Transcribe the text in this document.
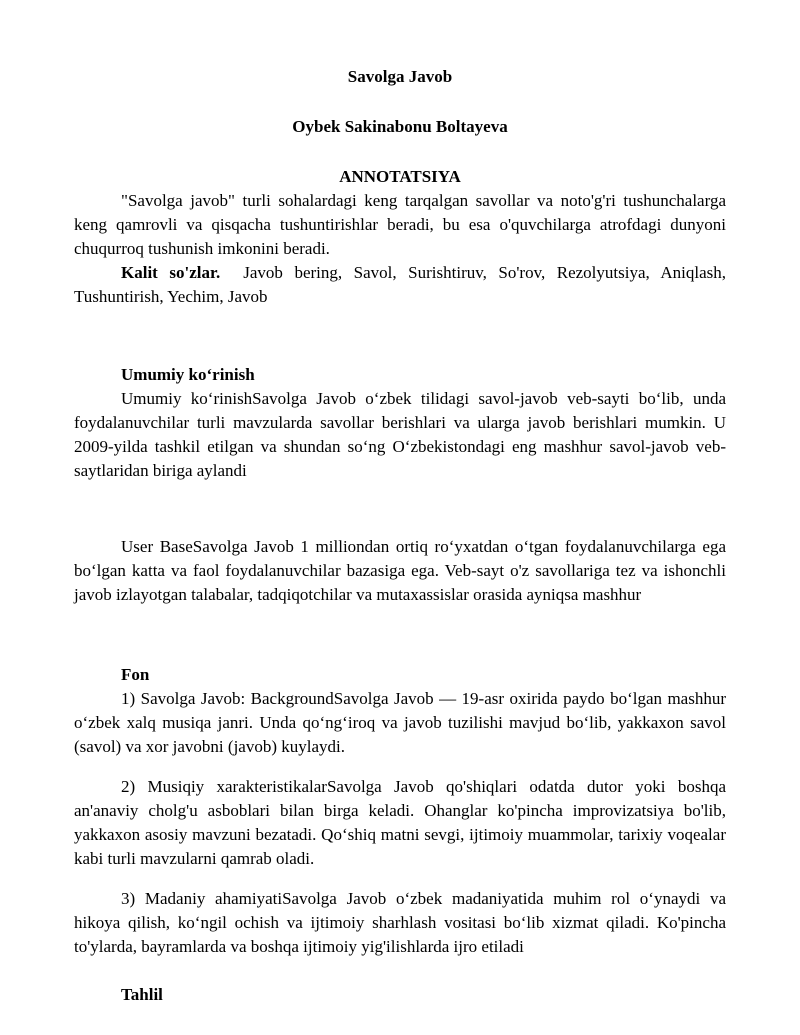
Savolga Javob

Oybek Sakinabonu Boltayeva

ANNOTATSIYA

"Savolga javob" turli sohalardagi keng tarqalgan savollar va noto'g'ri tushunchalarga keng qamrovli va qisqacha tushuntirishlar beradi, bu esa o'quvchilarga atrofdagi dunyoni chuqurroq tushunish imkonini beradi.

Kalit so'zlar. Javob bering, Savol, Surishtiruv, So'rov, Rezolyutsiya, Aniqlash, Tushuntirish, Yechim, Javob

Umumiy ko‘rinish

Umumiy ko‘rinishSavolga Javob o‘zbek tilidagi savol-javob veb-sayti bo‘lib, unda foydalanuvchilar turli mavzularda savollar berishlari va ularga javob berishlari mumkin. U 2009-yilda tashkil etilgan va shundan so‘ng O‘zbekistondagi eng mashhur savol-javob veb-saytlaridan biriga aylandi

User BaseSavolga Javob 1 milliondan ortiq ro‘yxatdan o‘tgan foydalanuvchilarga ega bo‘lgan katta va faol foydalanuvchilar bazasiga ega. Veb-sayt o'z savollariga tez va ishonchli javob izlayotgan talabalar, tadqiqotchilar va mutaxassislar orasida ayniqsa mashhur

Fon

1) Savolga Javob: BackgroundSavolga Javob — 19-asr oxirida paydo bo‘lgan mashhur o‘zbek xalq musiqa janri. Unda qo‘ng‘iroq va javob tuzilishi mavjud bo‘lib, yakkaxon savol (savol) va xor javobni (javob) kuylaydi.

2) Musiqiy xarakteristikalarSavolga Javob qo'shiqlari odatda dutor yoki boshqa an'anaviy cholg'u asboblari bilan birga keladi. Ohanglar ko'pincha improvizatsiya bo'lib, yakkaxon asosiy mavzuni bezatadi. Qo‘shiq matni sevgi, ijtimoiy muammolar, tarixiy voqealar kabi turli mavzularni qamrab oladi.

3) Madaniy ahamiyatiSavolga Javob o‘zbek madaniyatida muhim rol o‘ynaydi va hikoya qilish, ko‘ngil ochish va ijtimoiy sharhlash vositasi bo‘lib xizmat qiladi. Ko'pincha to'ylarda, bayramlarda va boshqa ijtimoiy yig'ilishlarda ijro etiladi

Tahlil
